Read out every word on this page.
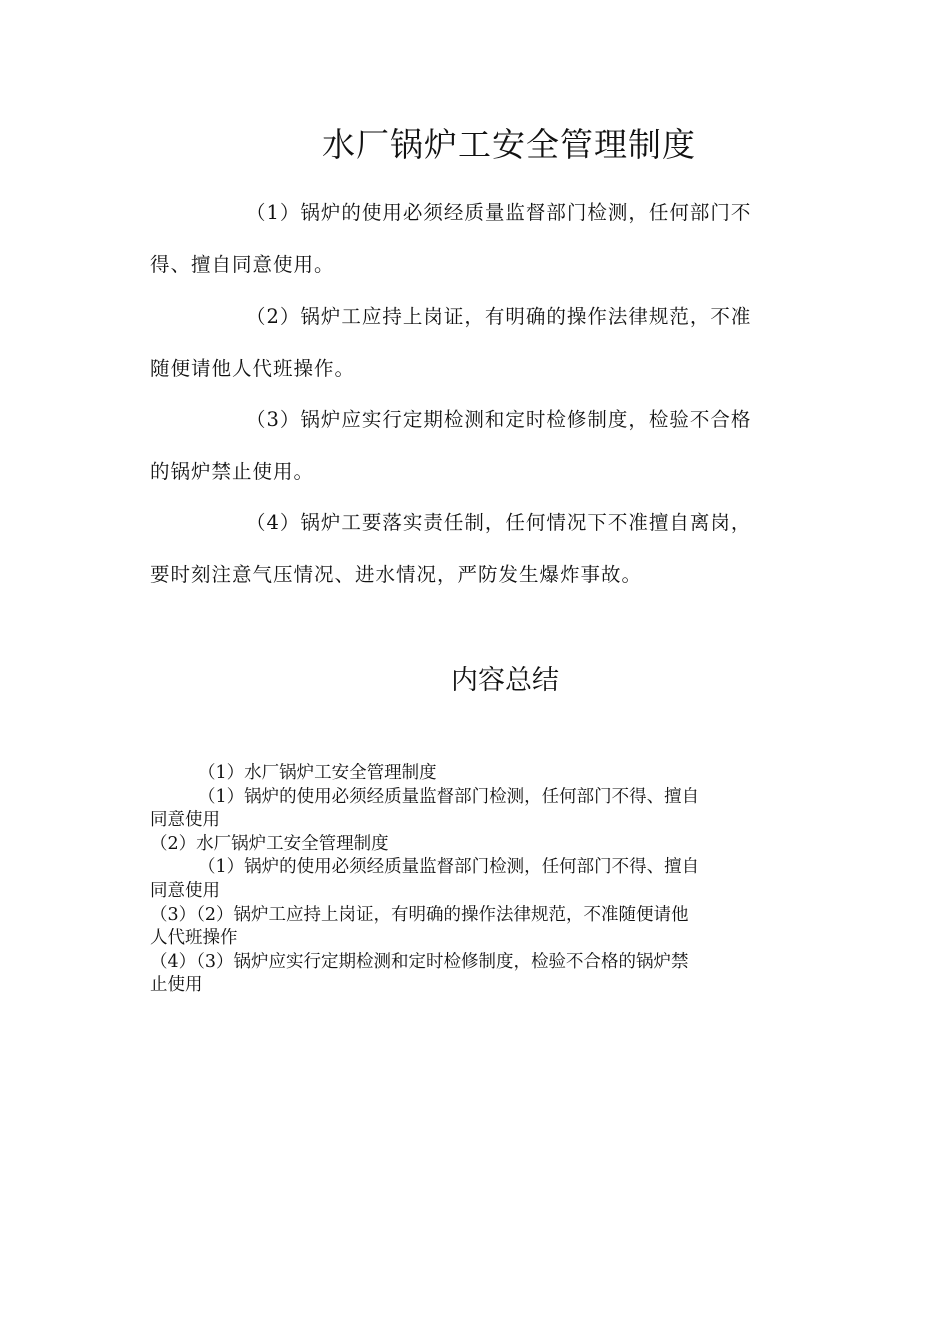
水厂锅炉工安全管理制度
（1）锅炉的使用必须经质量监督部门检测，任何部门不
得、擅自同意使用。
（2）锅炉工应持上岗证，有明确的操作法律规范，不准
随便请他人代班操作。
（3）锅炉应实行定期检测和定时检修制度，检验不合格
的锅炉禁止使用。
（4）锅炉工要落实责任制，任何情况下不准擅自离岗，
要时刻注意气压情况、进水情况，严防发生爆炸事故。
内容总结
（1）水厂锅炉工安全管理制度
（1）锅炉的使用必须经质量监督部门检测，任何部门不得、擅自
同意使用
（2）水厂锅炉工安全管理制度
（1）锅炉的使用必须经质量监督部门检测，任何部门不得、擅自
同意使用
（3）（2）锅炉工应持上岗证，有明确的操作法律规范，不准随便请他
人代班操作
（4）（3）锅炉应实行定期检测和定时检修制度，检验不合格的锅炉禁
止使用
